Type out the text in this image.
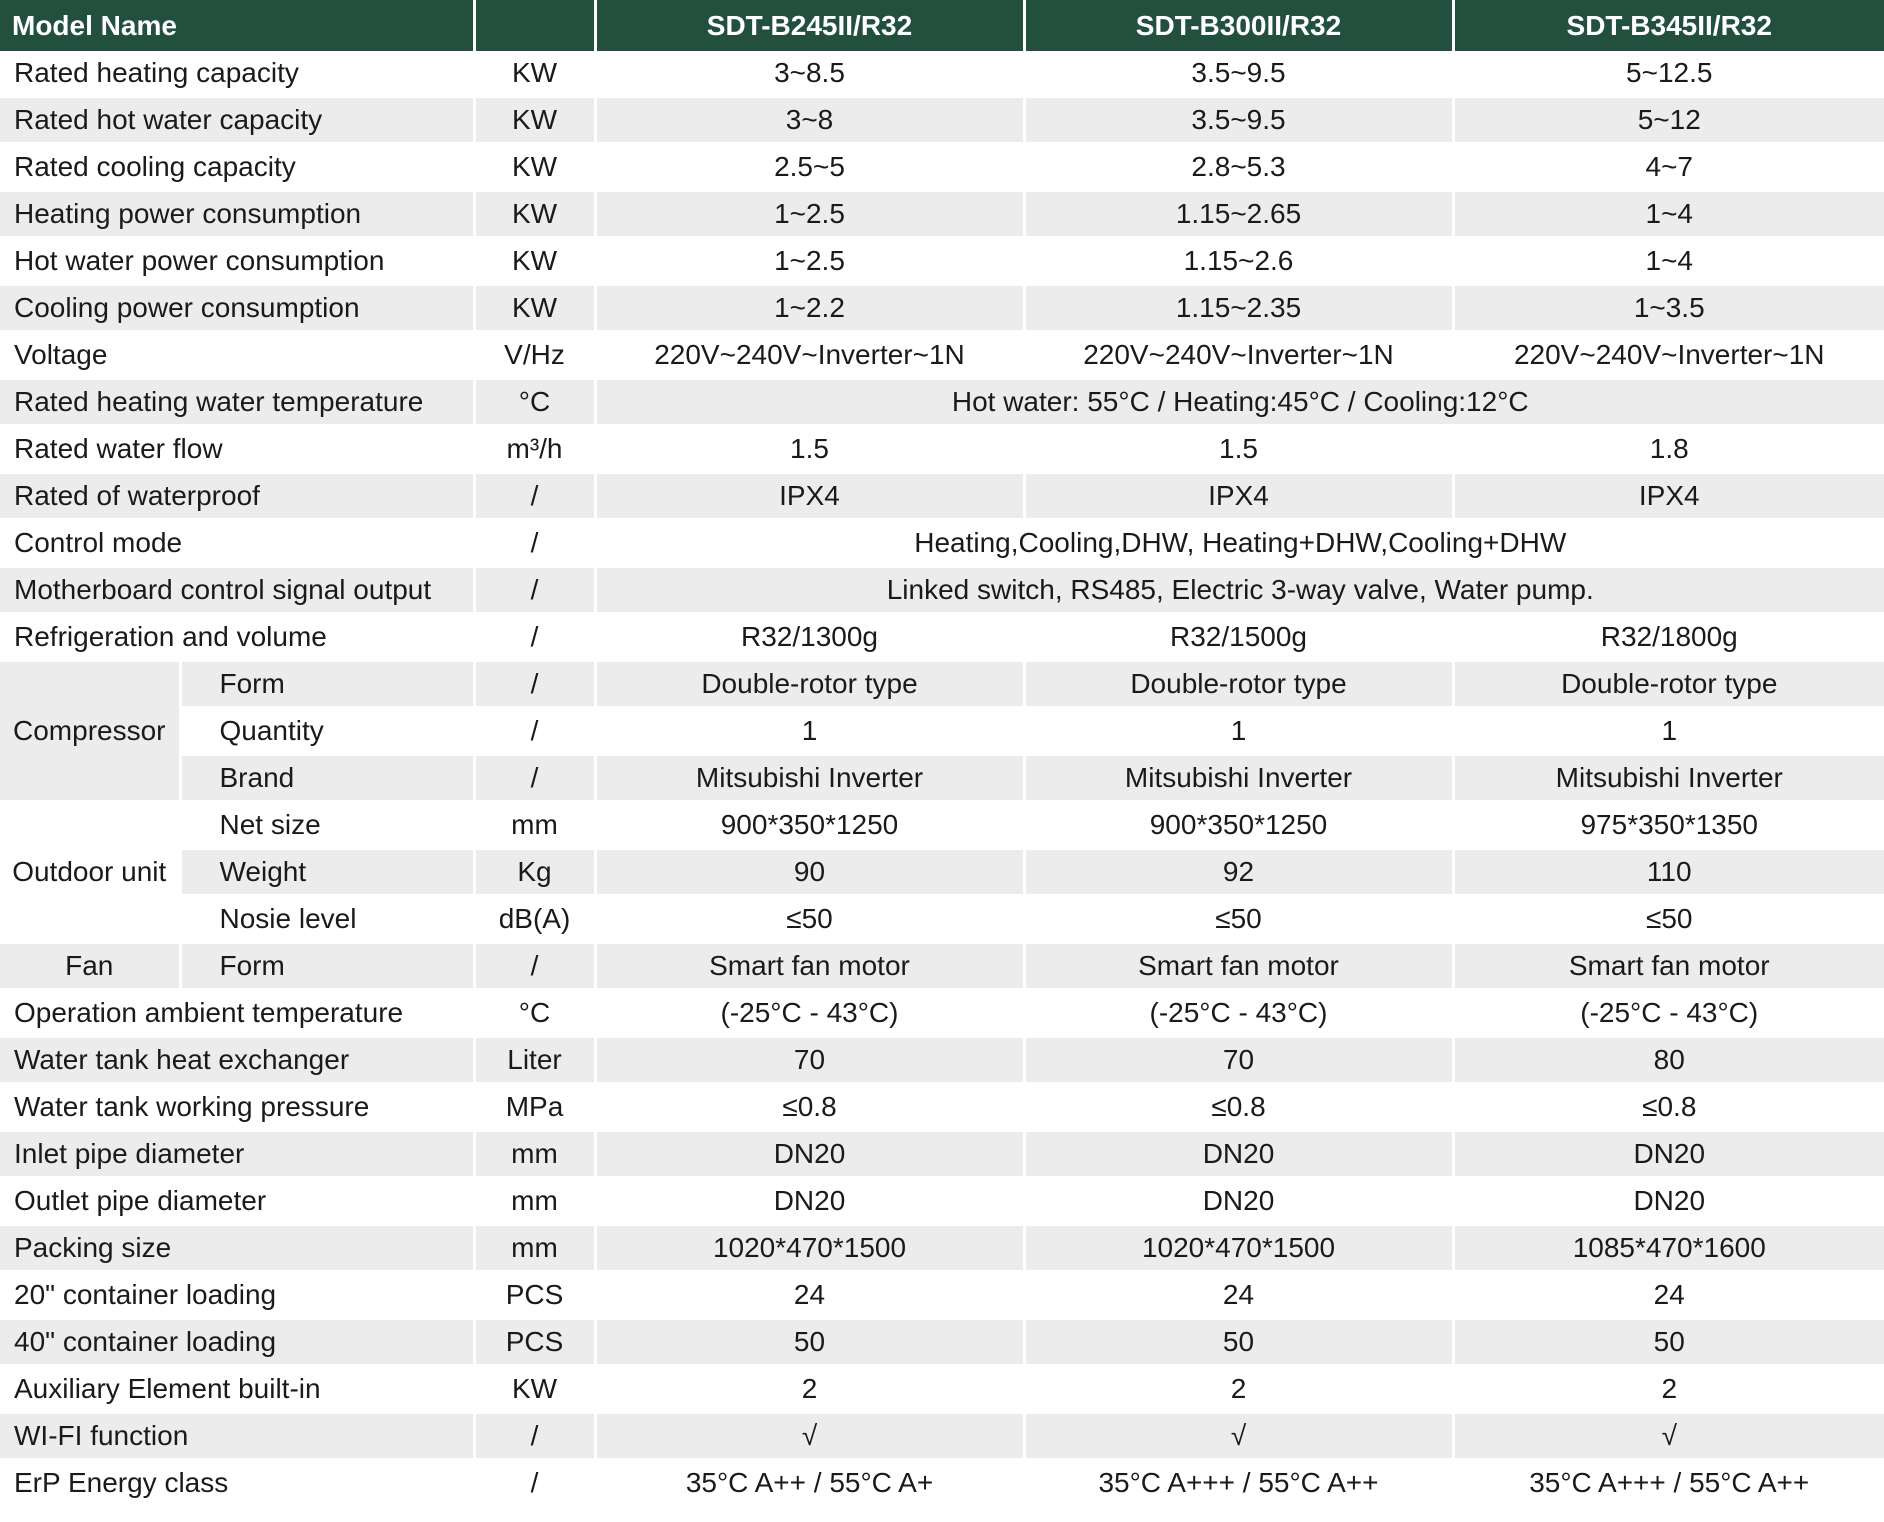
Model Name			SDT-B245II/R32	SDT-B300II/R32	SDT-B345II/R32
Rated heating capacity		KW	3~8.5	3.5~9.5	5~12.5
Rated hot water capacity		KW	3~8	3.5~9.5	5~12
Rated cooling capacity		KW	2.5~5	2.8~5.3	4~7
Heating power consumption		KW	1~2.5	1.15~2.65	1~4
Hot water power consumption		KW	1~2.5	1.15~2.6	1~4
Cooling power consumption		KW	1~2.2	1.15~2.35	1~3.5
Voltage		V/Hz	220V~240V~Inverter~1N	220V~240V~Inverter~1N	220V~240V~Inverter~1N
Rated heating water temperature		°C	Hot water: 55°C / Heating:45°C / Cooling:12°C		
Rated water flow		m³/h	1.5	1.5	1.8
Rated of waterproof		/	IPX4	IPX4	IPX4
Control mode		/	Heating,Cooling,DHW, Heating+DHW,Cooling+DHW		
Motherboard control signal output		/	Linked switch, RS485, Electric 3-way valve, Water pump.		
Refrigeration and volume		/	R32/1300g	R32/1500g	R32/1800g
Compressor	Form	/	Double-rotor type	Double-rotor type	Double-rotor type
	Quantity	/	1	1	1
	Brand	/	Mitsubishi Inverter	Mitsubishi Inverter	Mitsubishi Inverter
Outdoor unit	Net size	mm	900*350*1250	900*350*1250	975*350*1350
	Weight	Kg	90	92	110
	Nosie level	dB(A)	≤50	≤50	≤50
Fan	Form	/	Smart fan motor	Smart fan motor	Smart fan motor
Operation ambient temperature		°C	(-25°C - 43°C)	(-25°C - 43°C)	(-25°C - 43°C)
Water tank heat exchanger		Liter	70	70	80
Water tank working pressure		MPa	≤0.8	≤0.8	≤0.8
Inlet pipe diameter		mm	DN20	DN20	DN20
Outlet pipe diameter		mm	DN20	DN20	DN20
Packing size		mm	1020*470*1500	1020*470*1500	1085*470*1600
20" container loading		PCS	24	24	24
40" container loading		PCS	50	50	50
Auxiliary Element built-in		KW	2	2	2
WI-FI function		/	√	√	√
ErP Energy class		/	35°C A++ / 55°C A+	35°C A+++ / 55°C A++	35°C A+++ / 55°C A++
